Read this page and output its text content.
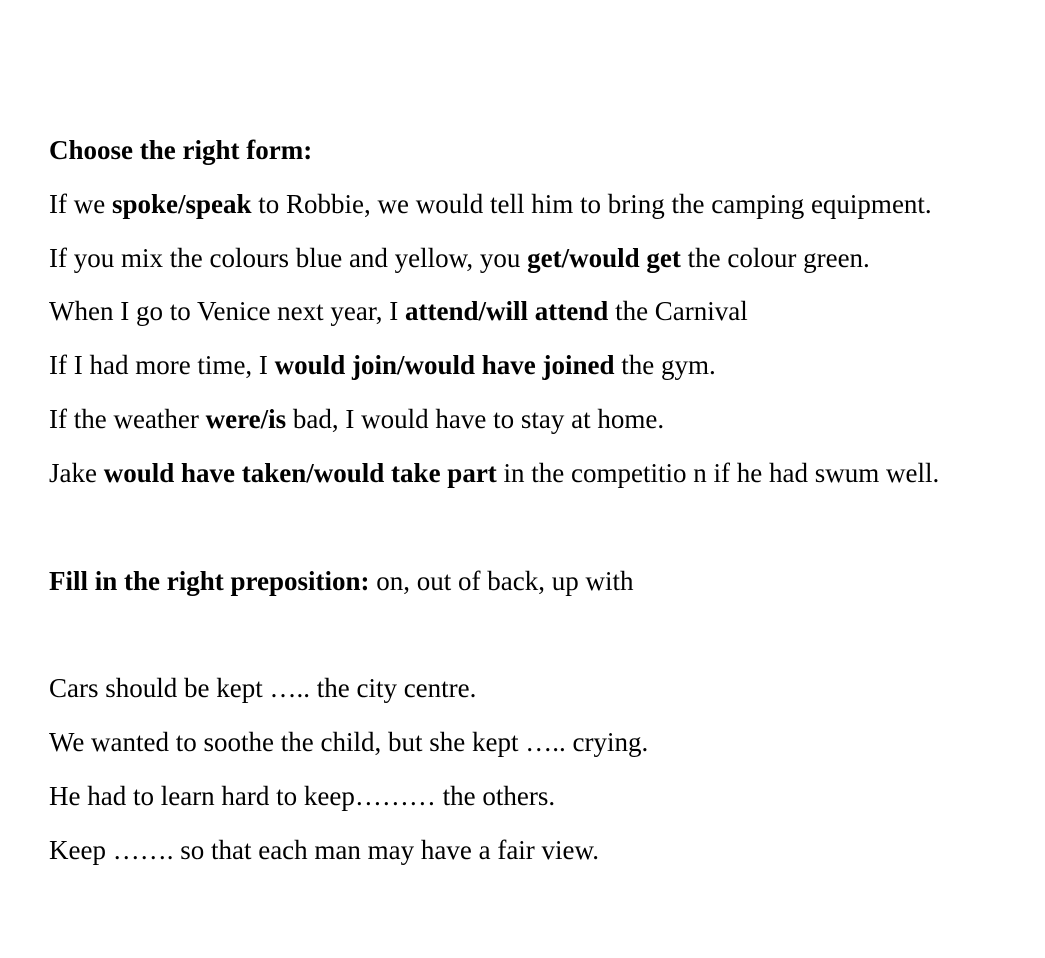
Choose the right form:
If we spoke/speak to Robbie, we would tell him to bring the camping equipment.
If you mix the colours blue and yellow, you get/would get the colour green.
When I go to Venice next year, I attend/will attend the Carnival
If I had more time, I would join/would have joined the gym.
If the weather were/is bad, I would have to stay at home.
Jake would have taken/would take part in the competitio n if he had swum well.
Fill in the right preposition: on, out of back, up with
Cars should be kept ….. the city centre.
We wanted to soothe the child, but she kept ….. crying.
He had to learn hard to keep……… the others.
Keep ……. so that each man may have a fair view.
